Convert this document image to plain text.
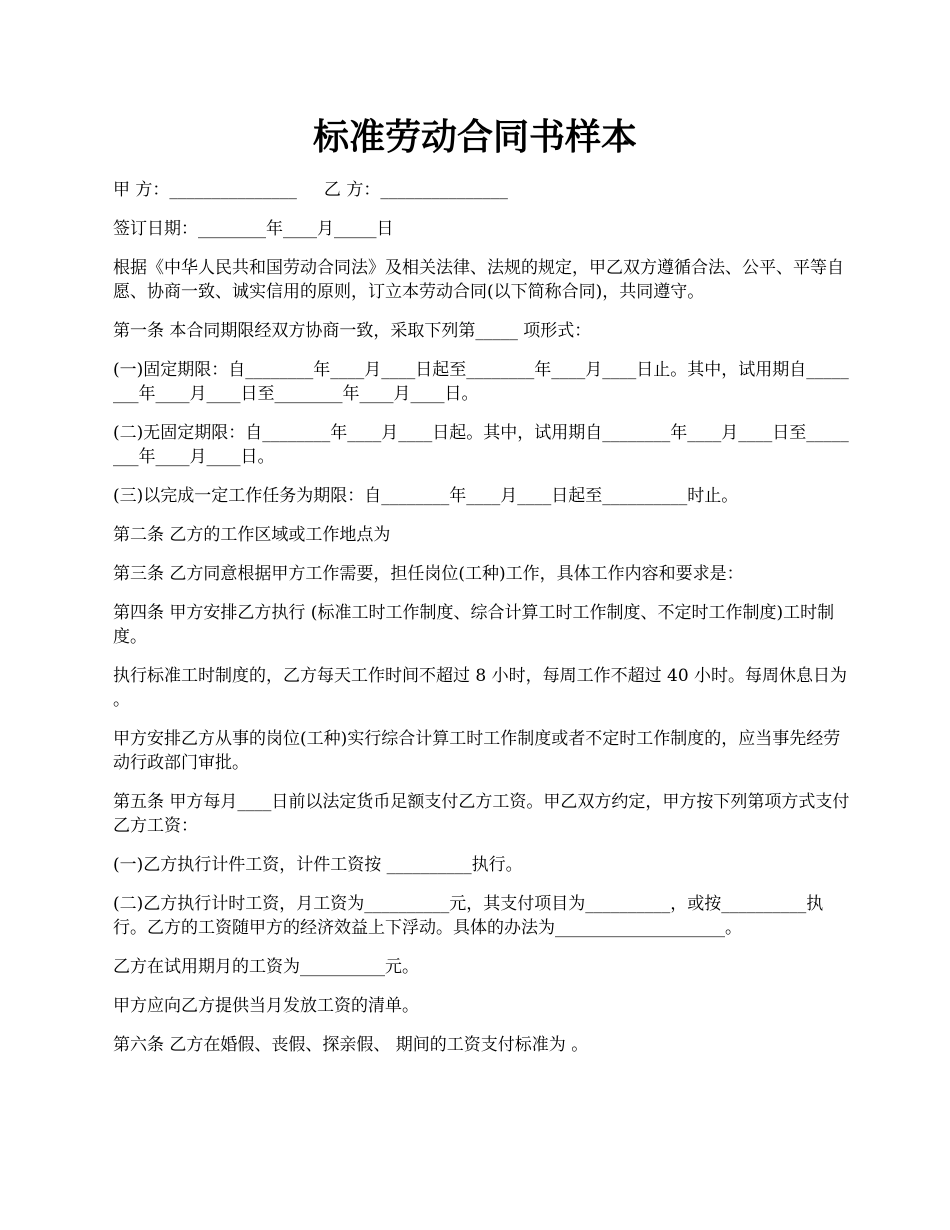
标准劳动合同书样本

甲 方：_______________     乙 方：_______________

签订日期：________年____月_____日

根据《中华人民共和国劳动合同法》及相关法律、法规的规定，甲乙双方遵循合法、公平、平等自愿、协商一致、诚实信用的原则，订立本劳动合同(以下简称合同)，共同遵守。

第一条 本合同期限经双方协商一致，采取下列第_____ 项形式：

(一)固定期限：自________年____月____日起至________年____月____日止。其中，试用期自________年____月____日至________年____月____日。

(二)无固定期限：自________年____月____日起。其中，试用期自________年____月____日至________年____月____日。

(三)以完成一定工作任务为期限：自________年____月____日起至__________时止。

第二条 乙方的工作区域或工作地点为

第三条 乙方同意根据甲方工作需要，担任岗位(工种)工作，具体工作内容和要求是：

第四条 甲方安排乙方执行 (标准工时工作制度、综合计算工时工作制度、不定时工作制度)工时制度。

执行标准工时制度的，乙方每天工作时间不超过 8 小时，每周工作不超过 40 小时。每周休息日为 。

甲方安排乙方从事的岗位(工种)实行综合计算工时工作制度或者不定时工作制度的，应当事先经劳动行政部门审批。

第五条 甲方每月____日前以法定货币足额支付乙方工资。甲乙双方约定，甲方按下列第项方式支付乙方工资：

(一)乙方执行计件工资，计件工资按 __________执行。

(二)乙方执行计时工资，月工资为__________元，其支付项目为__________，或按__________执行。乙方的工资随甲方的经济效益上下浮动。具体的办法为____________________。

乙方在试用期月的工资为__________元。

甲方应向乙方提供当月发放工资的清单。

第六条 乙方在婚假、丧假、探亲假、 期间的工资支付标准为 。
